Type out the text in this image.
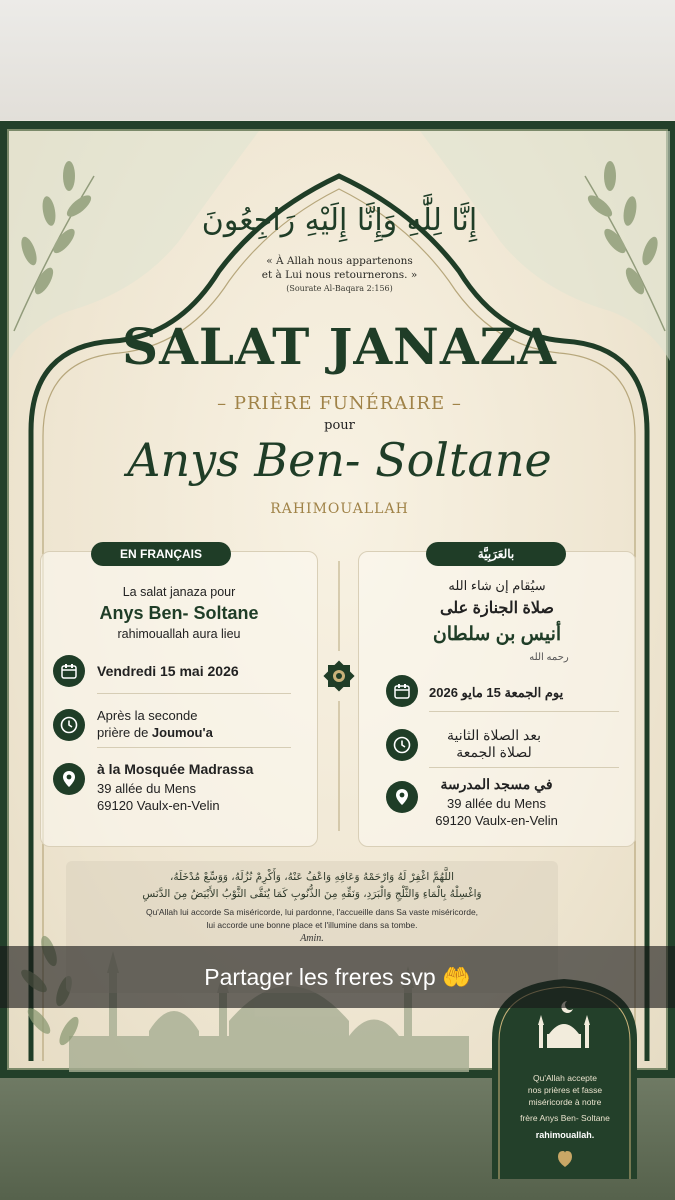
إِنَّا لِلَّٰهِ وَإِنَّا إِلَيْهِ رَاجِعُونَ
« À Allah nous appartenons
et à Lui nous retournerons. »
(Sourate Al-Baqara 2:156)
SALAT JANAZA
– PRIÈRE FUNÉRAIRE –
pour
Anys Ben- Soltane
RAHIMOUALLAH
EN FRANÇAIS
La salat janaza pour
Anys Ben- Soltane
rahimouallah aura lieu
Vendredi 15 mai 2026
Après la seconde
prière de Joumou'a
à la Mosquée Madrassa
39 allée du Mens
69120 Vaulx-en-Velin
بالعَرَبِيَّة
سيُقام إن شاء الله
صلاة الجنازة على
أنيس بن سلطان
رحمه الله
يوم الجمعة 15 مايو 2026
بعد الصلاة الثانية
لصلاة الجمعة
في مسجد المدرسة
39 allée du Mens
69120 Vaulx-en-Velin
اللَّهُمَّ اغْفِرْ لَهُ وَارْحَمْهُ وَعَافِهِ وَاعْفُ عَنْهُ، وَأَكْرِمْ نُزُلَهُ، وَوَسِّعْ مُدْخَلَهُ،
وَاغْسِلْهُ بِالْمَاءِ وَالثَّلْجِ وَالْبَرَدِ، وَنَقِّهِ مِنَ الذُّنُوبِ كَمَا يُنَقَّى الثَّوْبُ الأَبْيَضُ مِنَ الدَّنَسِ
Qu'Allah lui accorde Sa miséricorde, lui pardonne, l'accueille dans Sa vaste miséricorde,
lui accorde une bonne place et l'illumine dans sa tombe.
Amin.
Qu'Allah accepte
nos prières et fasse
miséricorde à notre
frère Anys Ben- Soltane
rahimouallah.
Partager les freres svp 🤲
